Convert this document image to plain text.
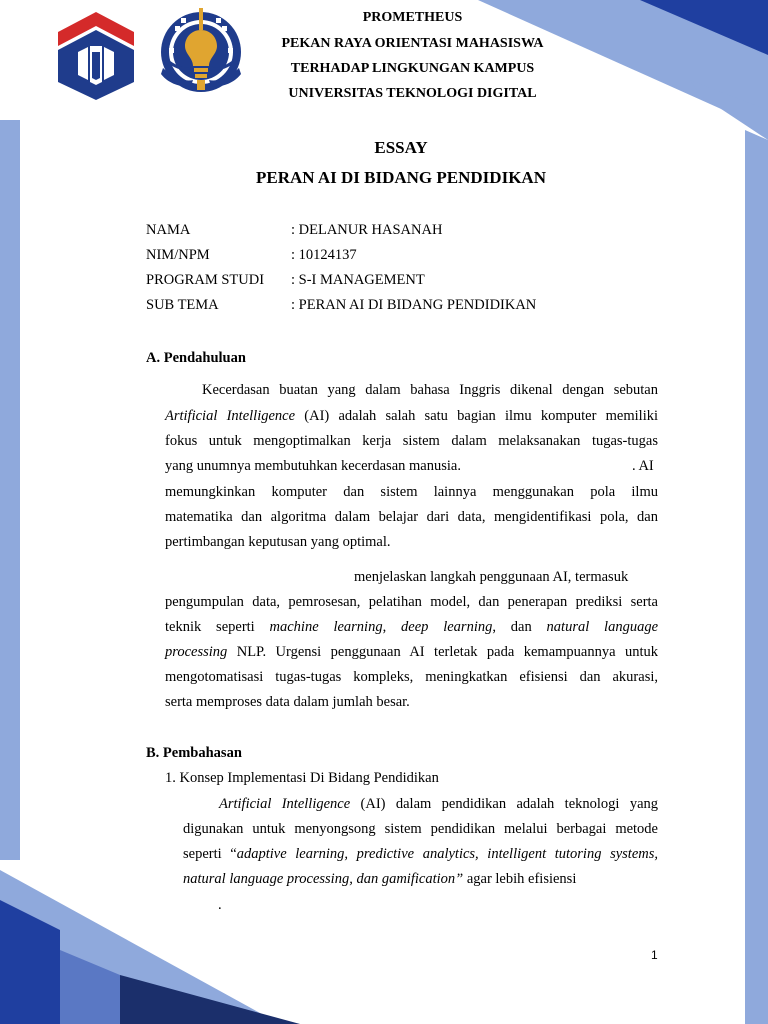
PROMETHEUS
PEKAN RAYA ORIENTASI MAHASISWA
TERHADAP LINGKUNGAN KAMPUS
UNIVERSITAS TEKNOLOGI DIGITAL
ESSAY
PERAN AI DI BIDANG PENDIDIKAN
NAMA	: DELANUR HASANAH
NIM/NPM	: 10124137
PROGRAM STUDI : S-I MANAGEMENT
SUB TEMA	: PERAN AI DI BIDANG PENDIDIKAN
A. Pendahuluan
Kecerdasan buatan yang dalam bahasa Inggris dikenal dengan sebutan
Artificial Intelligence (AI) adalah salah satu bagian ilmu komputer memiliki
fokus untuk mengoptimalkan kerja sistem dalam melaksanakan tugas-tugas
yang unumnya membutuhkan kecerdasan manusia.	. AI
memungkinkan komputer dan sistem lainnya menggunakan pola ilmu
matematika dan algoritma dalam belajar dari data, mengidentifikasi pola, dan
pertimbangan keputusan yang optimal.
menjelaskan langkah penggunaan AI, termasuk
pengumpulan data, pemrosesan, pelatihan model, dan penerapan prediksi serta
teknik seperti machine learning, deep learning, dan natural language
processing NLP. Urgensi penggunaan AI terletak pada kemampuannya untuk
mengotomatisasi tugas-tugas kompleks, meningkatkan efisiensi dan akurasi,
serta memproses data dalam jumlah besar.
B. Pembahasan
1. Konsep Implementasi Di Bidang Pendidikan
Artificial Intelligence (AI) dalam pendidikan adalah teknologi yang
digunakan untuk menyongsong sistem pendidikan melalui berbagai metode
seperti “adaptive learning, predictive analytics, intelligent tutoring systems,
natural language processing, dan gamification” agar lebih efisiensi
.
1
